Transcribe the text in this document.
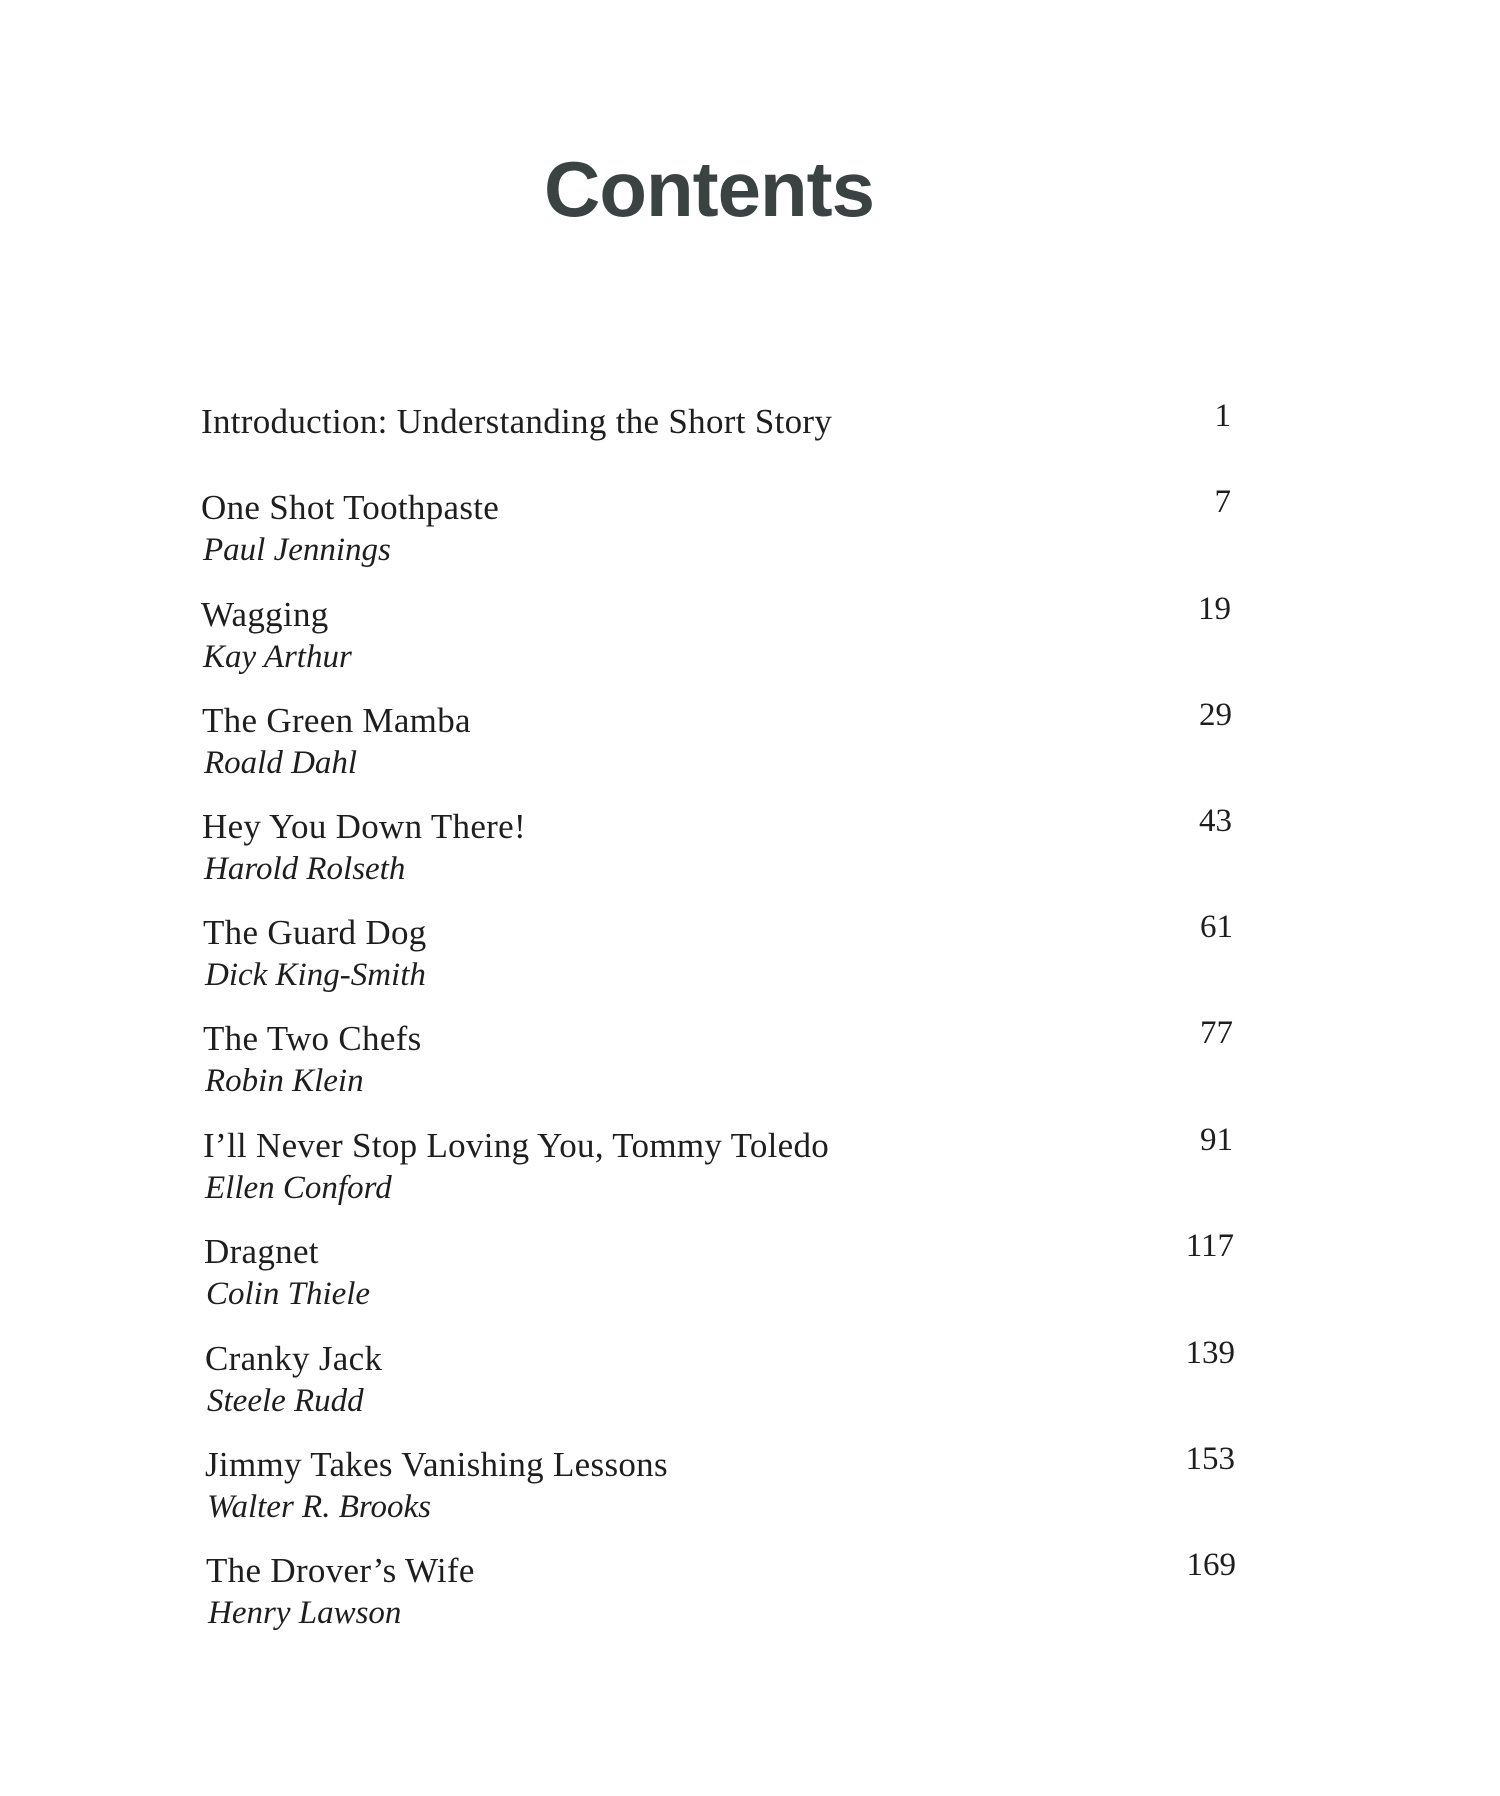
Contents
Introduction: Understanding the Short Story	1
One Shot Toothpaste
Paul Jennings
7
Wagging
Kay Arthur
19
The Green Mamba
Roald Dahl
29
Hey You Down There!
Harold Rolseth
43
The Guard Dog
Dick King-Smith
61
The Two Chefs
Robin Klein
77
I’ll Never Stop Loving You, Tommy Toledo
Ellen Conford
91
Dragnet
Colin Thiele
117
Cranky Jack
Steele Rudd
139
Jimmy Takes Vanishing Lessons
Walter R. Brooks
153
The Drover’s Wife
Henry Lawson
169
